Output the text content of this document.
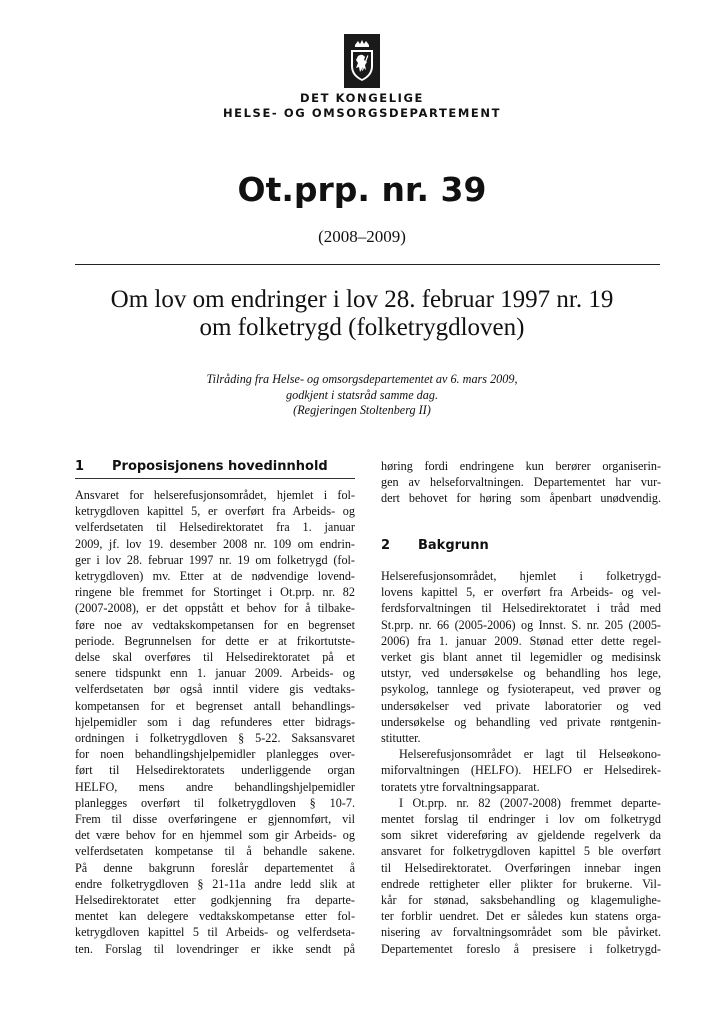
DET KONGELIGE
HELSE- OG OMSORGSDEPARTEMENT
Ot.prp. nr. 39
(2008–2009)
Om lov om endringer i lov 28. februar 1997 nr. 19
om folketrygd (folketrygdloven)
Tilråding fra Helse- og omsorgsdepartementet av 6. mars 2009,
godkjent i statsråd samme dag.
(Regjeringen Stoltenberg II)
1 Proposisjonens hovedinnhold
Ansvaret for helserefusjonsområdet, hjemlet i fol-
ketrygdloven kapittel 5, er overført fra Arbeids- og
velferdsetaten til Helsedirektoratet fra 1. januar
2009, jf. lov 19. desember 2008 nr. 109 om endrin-
ger i lov 28. februar 1997 nr. 19 om folketrygd (fol-
ketrygdloven) mv. Etter at de nødvendige lovend-
ringene ble fremmet for Stortinget i Ot.prp. nr. 82
(2007-2008), er det oppstått et behov for å tilbake-
føre noe av vedtakskompetansen for en begrenset
periode. Begrunnelsen for dette er at frikortutste-
delse skal overføres til Helsedirektoratet på et
senere tidspunkt enn 1. januar 2009. Arbeids- og
velferdsetaten bør også inntil videre gis vedtaks-
kompetansen for et begrenset antall behandlings-
hjelpemidler som i dag refunderes etter bidrags-
ordningen i folketrygdloven § 5-22. Saksansvaret
for noen behandlingshjelpemidler planlegges over-
ført til Helsedirektoratets underliggende organ
HELFO, mens andre behandlingshjelpemidler
planlegges overført til folketrygdloven § 10-7.
Frem til disse overføringene er gjennomført, vil
det være behov for en hjemmel som gir Arbeids- og
velferdsetaten kompetanse til å behandle sakene.
På denne bakgrunn foreslår departementet å
endre folketrygdloven § 21-11a andre ledd slik at
Helsedirektoratet etter godkjenning fra departe-
mentet kan delegere vedtakskompetanse etter fol-
ketrygdloven kapittel 5 til Arbeids- og velferdseta-
ten. Forslag til lovendringer er ikke sendt på
høring fordi endringene kun berører organiserin-
gen av helseforvaltningen. Departementet har vur-
dert behovet for høring som åpenbart unødvendig.
2 Bakgrunn
Helserefusjonsområdet, hjemlet i folketrygd-
lovens kapittel 5, er overført fra Arbeids- og vel-
ferdsforvaltningen til Helsedirektoratet i tråd med
St.prp. nr. 66 (2005-2006) og Innst. S. nr. 205 (2005-
2006) fra 1. januar 2009. Stønad etter dette regel-
verket gis blant annet til legemidler og medisinsk
utstyr, ved undersøkelse og behandling hos lege,
psykolog, tannlege og fysioterapeut, ved prøver og
undersøkelser ved private laboratorier og ved
undersøkelse og behandling ved private røntgenin-
stitutter.
Helserefusjonsområdet er lagt til Helseøkono-
miforvaltningen (HELFO). HELFO er Helsedirek-
toratets ytre forvaltningsapparat.
I Ot.prp. nr. 82 (2007-2008) fremmet departe-
mentet forslag til endringer i lov om folketrygd
som sikret videreføring av gjeldende regelverk da
ansvaret for folketrygdloven kapittel 5 ble overført
til Helsedirektoratet. Overføringen innebar ingen
endrede rettigheter eller plikter for brukerne. Vil-
kår for stønad, saksbehandling og klagemulighe-
ter forblir uendret. Det er således kun statens orga-
nisering av forvaltningsområdet som ble påvirket.
Departementet foreslo å presisere i folketrygd-
